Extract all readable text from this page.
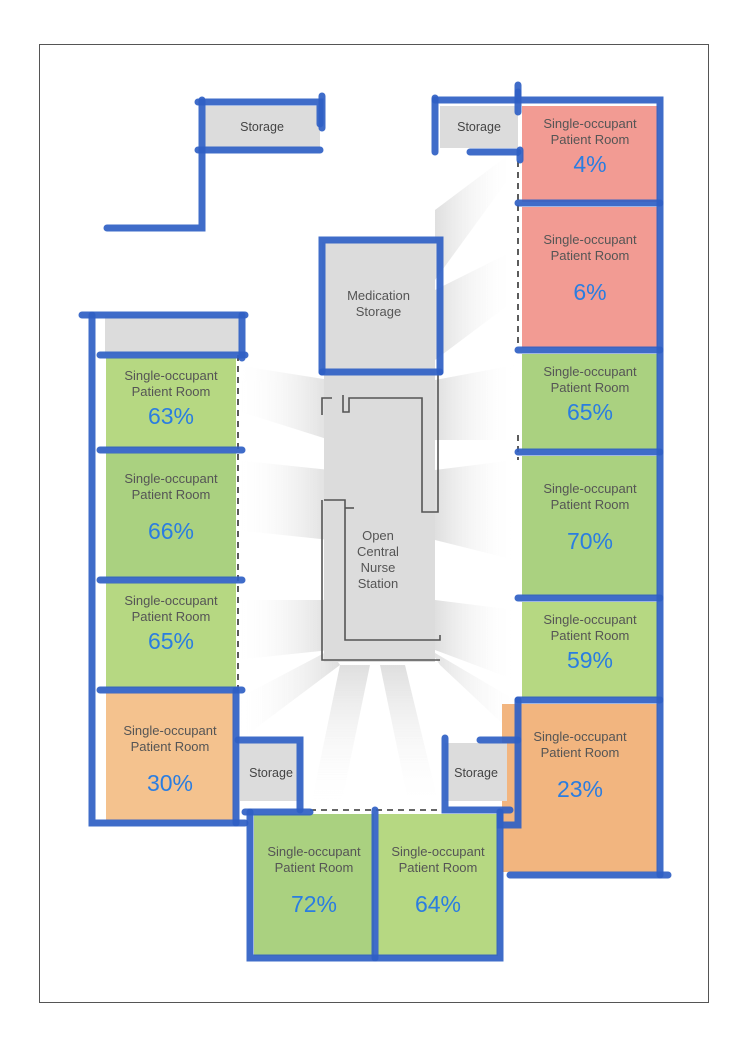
Storage	Storage
Storage	Storage
Medication
Storage
Open
Central
Nurse
Station
Single-occupant
Patient Room
4%
Single-occupant
Patient Room
6%
Single-occupant
Patient Room
65%
Single-occupant
Patient Room
70%
Single-occupant
Patient Room
59%
Single-occupant
Patient Room
23%
Single-occupant
Patient Room
63%
Single-occupant
Patient Room
66%
Single-occupant
Patient Room
65%
Single-occupant
Patient Room
30%
Single-occupant
Patient Room
72%
Single-occupant
Patient Room
64%
